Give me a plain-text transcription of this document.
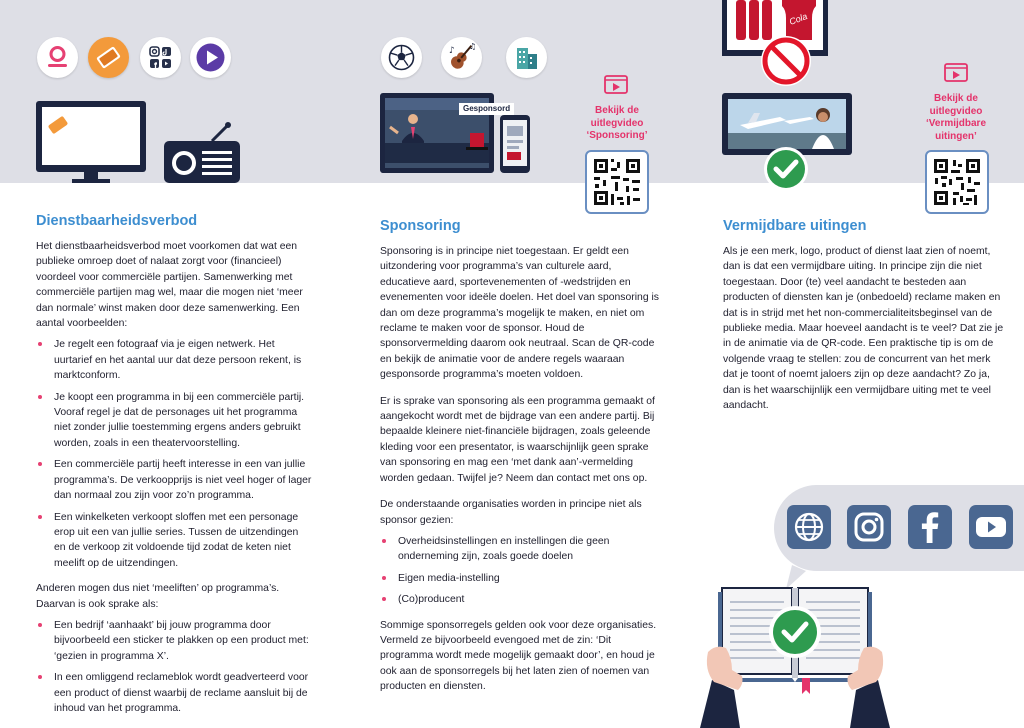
♪ ♫
Gesponsord	Bekijk de
uitlegvideo
‘Sponsoring’
Cola
Bekijk de
uitlegvideo
‘Vermijdbare
uitingen’
Dienstbaarheidsverbod

Het dienstbaarheidsverbod moet voorkomen dat wat een publieke omroep doet of nalaat zorgt voor (financieel) voordeel voor commerciële partijen. Samenwerking met commerciële partijen mag wel, maar die mogen niet ‘meer dan normale’ winst maken door deze samenwerking. Een aantal voorbeelden:

Je regelt een fotograaf via je eigen netwerk. Het uurtarief en het aantal uur dat deze persoon rekent, is marktconform.
Je koopt een programma in bij een commerciële partij. Vooraf regel je dat de personages uit het programma niet zonder jullie toestemming ergens anders gebruikt worden, zoals in een theatervoorstelling.
Een commerciële partij heeft interesse in een van jullie programma’s. De verkoopprijs is niet veel hoger of lager dan normaal zou zijn voor zo’n programma.
Een winkelketen verkoopt sloffen met een personage erop uit een van jullie series. Tussen de uitzendingen en de verkoop zit voldoende tijd zodat de keten niet meelift op de uitzendingen.

Anderen mogen dus niet ‘meeliften’ op programma’s. Daarvan is ook sprake als:

Een bedrijf ‘aanhaakt’ bij jouw programma door bijvoorbeeld een sticker te plakken op een product met: ‘gezien in programma X’.
In een omliggend reclameblok wordt geadverteerd voor een product of dienst waarbij de reclame aansluit bij de inhoud van het programma.
Sponsoring

Sponsoring is in principe niet toegestaan. Er geldt een uitzondering voor programma’s van culturele aard, educatieve aard, sportevenementen of -wedstrijden en evenementen voor ideële doelen. Het doel van sponsoring is dan om deze programma’s mogelijk te maken, en niet om reclame te maken voor de sponsor. Houd de sponsorvermelding daarom ook neutraal. Scan de QR-code en bekijk de animatie voor de andere regels waaraan gesponsorde programma’s moeten voldoen.

Er is sprake van sponsoring als een programma gemaakt of aangekocht wordt met de bijdrage van een andere partij. Bij bepaalde kleinere niet-financiële bijdragen, zoals geleende kleding voor een presentator, is waarschijnlijk geen sprake van sponsoring en mag een ‘met dank aan’-vermelding worden gedaan. Twijfel je? Neem dan contact met ons op.

De onderstaande organisaties worden in principe niet als sponsor gezien:

Overheidsinstellingen en instellingen die geen onderneming zijn, zoals goede doelen
Eigen media-instelling
(Co)producent

Sommige sponsorregels gelden ook voor deze organisaties. Vermeld ze bijvoorbeeld evengoed met de zin: ‘Dit programma wordt mede mogelijk gemaakt door’, en houd je ook aan de sponsorregels bij het laten zien of noemen van producten en diensten.

Vermijdbare uitingen

Als je een merk, logo, product of dienst laat zien of noemt, dan is dat een vermijdbare uiting. In principe zijn die niet toegestaan. Door (te) veel aandacht te besteden aan producten of diensten kan je (onbedoeld) reclame maken en dat is in strijd met het non-commercialiteitsbeginsel van de publieke media. Maar hoeveel aandacht is te veel? Dat zie je in de animatie via de QR-code. Een praktische tip is om de volgende vraag te stellen: zou de concurrent van het merk dat je toont of noemt jaloers zijn op deze aandacht? Zo ja, dan is het waarschijnlijk een vermijdbare uiting met te veel aandacht.
